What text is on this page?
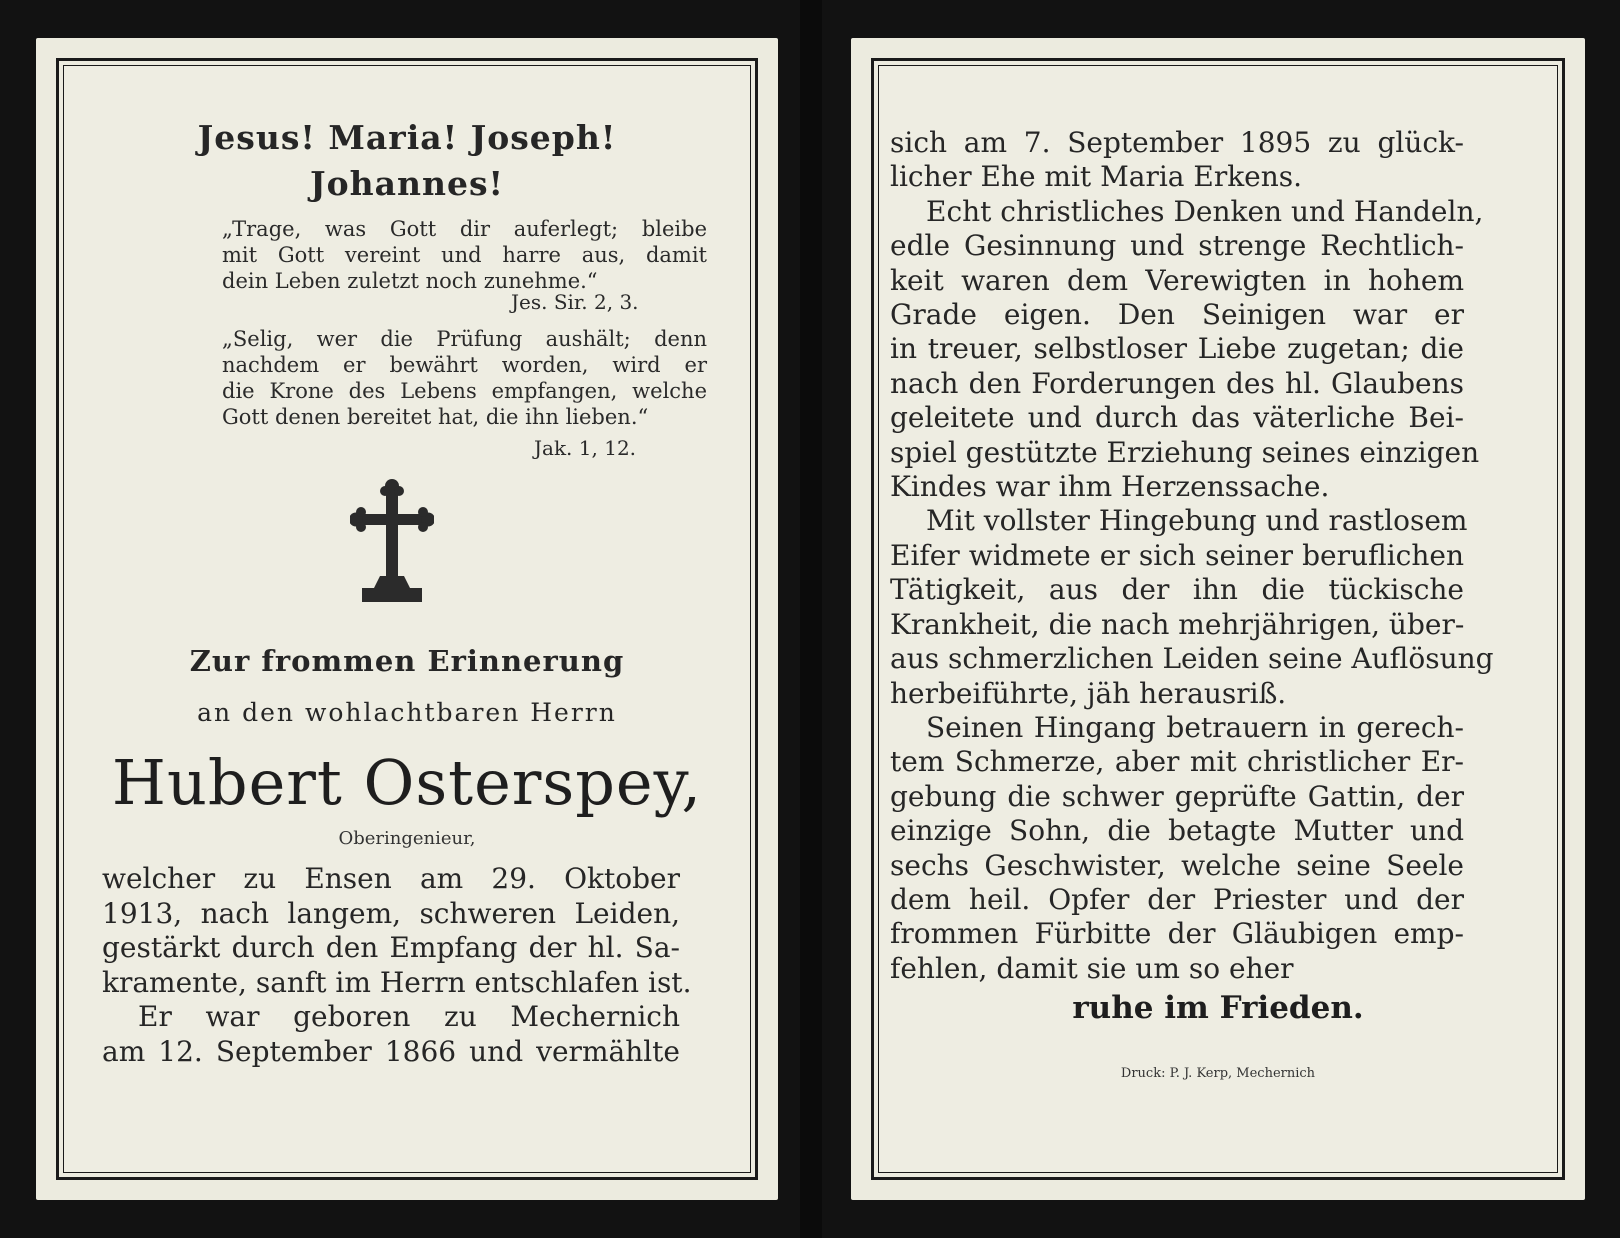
Jesus! Maria! Joseph!

Johannes!

„Trage, was Gott dir auferlegt; bleibe
mit Gott vereint und harre aus, damit
dein Leben zuletzt noch zunehme.“
Jes. Sir. 2, 3.
„Selig, wer die Prüfung aushält; denn
nachdem er bewährt worden, wird er
die Krone des Lebens empfangen, welche
Gott denen bereitet hat, die ihn lieben.“
Jak. 1, 12.

Zur frommen Erinnerung

an den wohlachtbaren Herrn

Hubert Osterspey,

Oberingenieur,

welcher zu Ensen am 29. Oktober
1913, nach langem, schweren Leiden,
gestärkt durch den Empfang der hl. Sa-
kramente, sanft im Herrn entschlafen ist.
Er war geboren zu Mechernich
am 12. September 1866 und vermählte
sich am 7. September 1895 zu glück-
licher Ehe mit Maria Erkens.
Echt christliches Denken und Handeln,
edle Gesinnung und strenge Rechtlich-
keit waren dem Verewigten in hohem
Grade eigen. Den Seinigen war er
in treuer, selbstloser Liebe zugetan; die
nach den Forderungen des hl. Glaubens
geleitete und durch das väterliche Bei-
spiel gestützte Erziehung seines einzigen
Kindes war ihm Herzenssache.
Mit vollster Hingebung und rastlosem
Eifer widmete er sich seiner beruflichen
Tätigkeit, aus der ihn die tückische
Krankheit, die nach mehrjährigen, über-
aus schmerzlichen Leiden seine Auflösung
herbeiführte, jäh herausriß.
Seinen Hingang betrauern in gerech-
tem Schmerze, aber mit christlicher Er-
gebung die schwer geprüfte Gattin, der
einzige Sohn, die betagte Mutter und
sechs Geschwister, welche seine Seele
dem heil. Opfer der Priester und der
frommen Fürbitte der Gläubigen emp-
fehlen, damit sie um so eher

ruhe im Frieden.

Druck: P. J. Kerp, Mechernich
